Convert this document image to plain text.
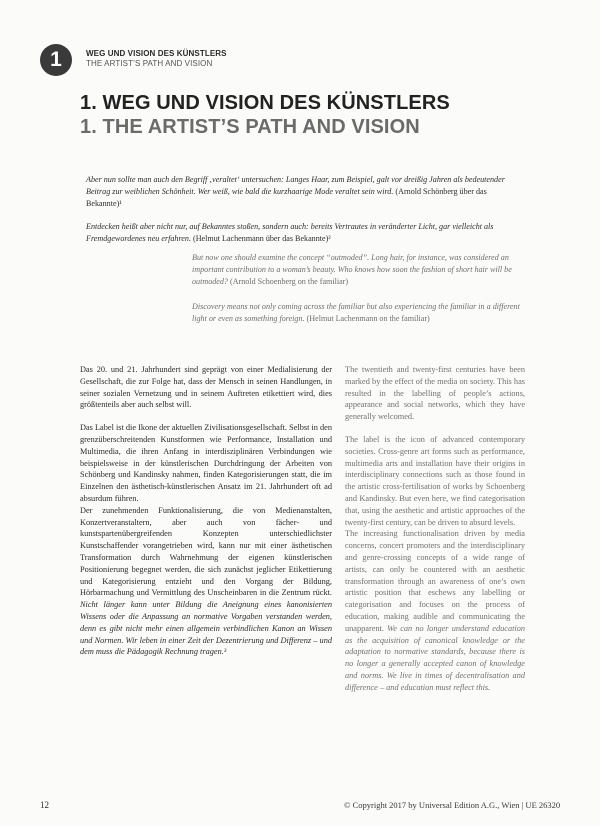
1	WEG UND VISION DES KÜNSTLERS
THE ARTIST’S PATH AND VISION
1. WEG UND VISION DES KÜNSTLERS
1. THE ARTIST’S PATH AND VISION
Aber nun sollte man auch den Begriff ‚veraltet‘ untersuchen: Langes Haar, zum Beispiel, galt vor dreißig Jahren als bedeutender Beitrag zur weiblichen Schönheit. Wer weiß, wie bald die kurzhaarige Mode veraltet sein wird. (Arnold Schönberg über das Bekannte)¹
Entdecken heißt aber nicht nur, auf Bekanntes stoßen, sondern auch: bereits Vertrautes in veränderter Licht, gar vielleicht als Fremdgewordenes neu erfahren. (Helmut Lachenmann über das Bekannte)²
But now one should examine the concept “outmoded”. Long hair, for instance, was considered an important contribution to a woman’s beauty. Who knows how soon the fashion of short hair will be outmoded? (Arnold Schoenberg on the familiar)
Discovery means not only coming across the familiar but also experiencing the familiar in a different light or even as something foreign. (Helmut Lachenmann on the familiar)

Das 20. und 21. Jahrhundert sind geprägt von einer Medialisierung der Gesellschaft, die zur Folge hat, dass der Mensch in seinen Handlungen, in seiner sozialen Vernetzung und in seinem Auftreten etikettiert wird, dies größtenteils aber auch selbst will.

Das Label ist die Ikone der aktuellen Zivilisationsgesellschaft. Selbst in den grenzüberschreitenden Kunstformen wie Performance, Installation und Multimedia, die ihren Anfang in interdisziplinären Verbindungen wie beispielsweise in der künstlerischen Durchdringung der Arbeiten von Schönberg und Kandinsky nahmen, finden Kategorisierungen statt, die im Einzelnen den ästhetisch-künstlerischen Ansatz im 21. Jahrhundert oft ad absurdum führen.

Der zunehmenden Funktionalisierung, die von Medienanstalten, Konzertveranstaltern, aber auch von fächer- und kunstspartenübergreifenden Konzepten unterschiedlichster Kunstschaffender vorangetrieben wird, kann nur mit einer ästhetischen Transformation durch Wahrnehmung der eigenen künstlerischen Positionierung begegnet werden, die sich zunächst jeglicher Etikettierung und Kategorisierung entzieht und den Vorgang der Bildung, Hörbarmachung und Vermittlung des Unscheinbaren in die Zentrum rückt. Nicht länger kann unter Bildung die Aneignung eines kanonisierten Wissens oder die Anpassung an normative Vorgaben verstanden werden, denn es gibt nicht mehr einen allgemein verbindlichen Kanon an Wissen und Normen. Wir leben in einer Zeit der Dezentrierung und Differenz – und dem muss die Pädagogik Rechnung tragen.³

The twentieth and twenty-first centuries have been marked by the effect of the media on society. This has resulted in the labelling of people’s actions, appearance and social networks, which they have generally welcomed.

The label is the icon of advanced contemporary societies. Cross-genre art forms such as performance, multimedia arts and installation have their origins in interdisciplinary connections such as those found in the artistic cross-fertilisation of works by Schoenberg and Kandinsky. But even here, we find categorisation that, using the aesthetic and artistic approaches of the twenty-first century, can be driven to absurd levels.

The increasing functionalisation driven by media concerns, concert promoters and the interdisciplinary and genre-crossing concepts of a wide range of artists, can only be countered with an aesthetic transformation through an awareness of one’s own artistic position that eschews any labelling or categorisation and focuses on the process of education, making audible and communicating the unapparent. We can no longer understand education as the acquisition of canonical knowledge or the adaptation to normative standards, because there is no longer a generally accepted canon of knowledge and norms. We live in times of decentralisation and difference – and education must reflect this.

12	© Copyright 2017 by Universal Edition A.G., Wien | UE 26320
